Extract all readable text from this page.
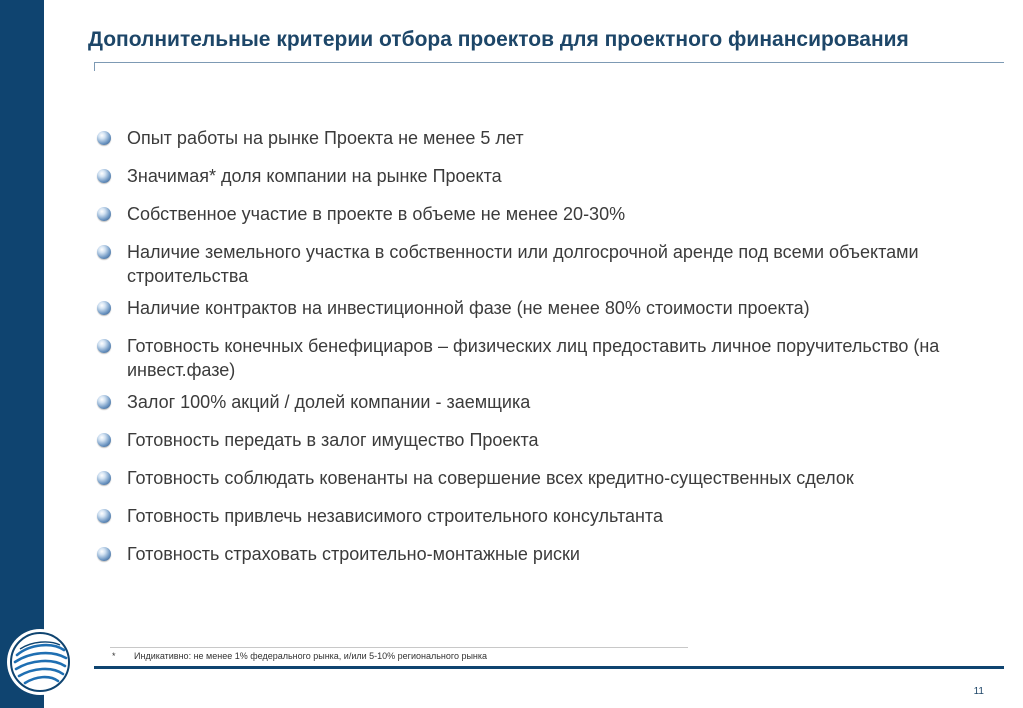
Дополнительные критерии отбора проектов для проектного финансирования
Опыт работы на рынке Проекта не менее 5 лет
Значимая* доля компании на рынке Проекта
Собственное участие в проекте в объеме не менее 20-30%
Наличие земельного участка в собственности или долгосрочной аренде под всеми объектами строительства
Наличие контрактов на инвестиционной фазе (не менее 80% стоимости проекта)
Готовность конечных бенефициаров – физических лиц предоставить личное поручительство (на инвест.фазе)
Залог 100% акций / долей компании - заемщика
Готовность передать в залог имущество Проекта
Готовность соблюдать ковенанты на совершение всех кредитно-существенных сделок
Готовность привлечь независимого строительного консультанта
Готовность страховать строительно-монтажные риски
* Индикативно: не менее 1% федерального рынка, и/или 5-10% регионального рынка
11
